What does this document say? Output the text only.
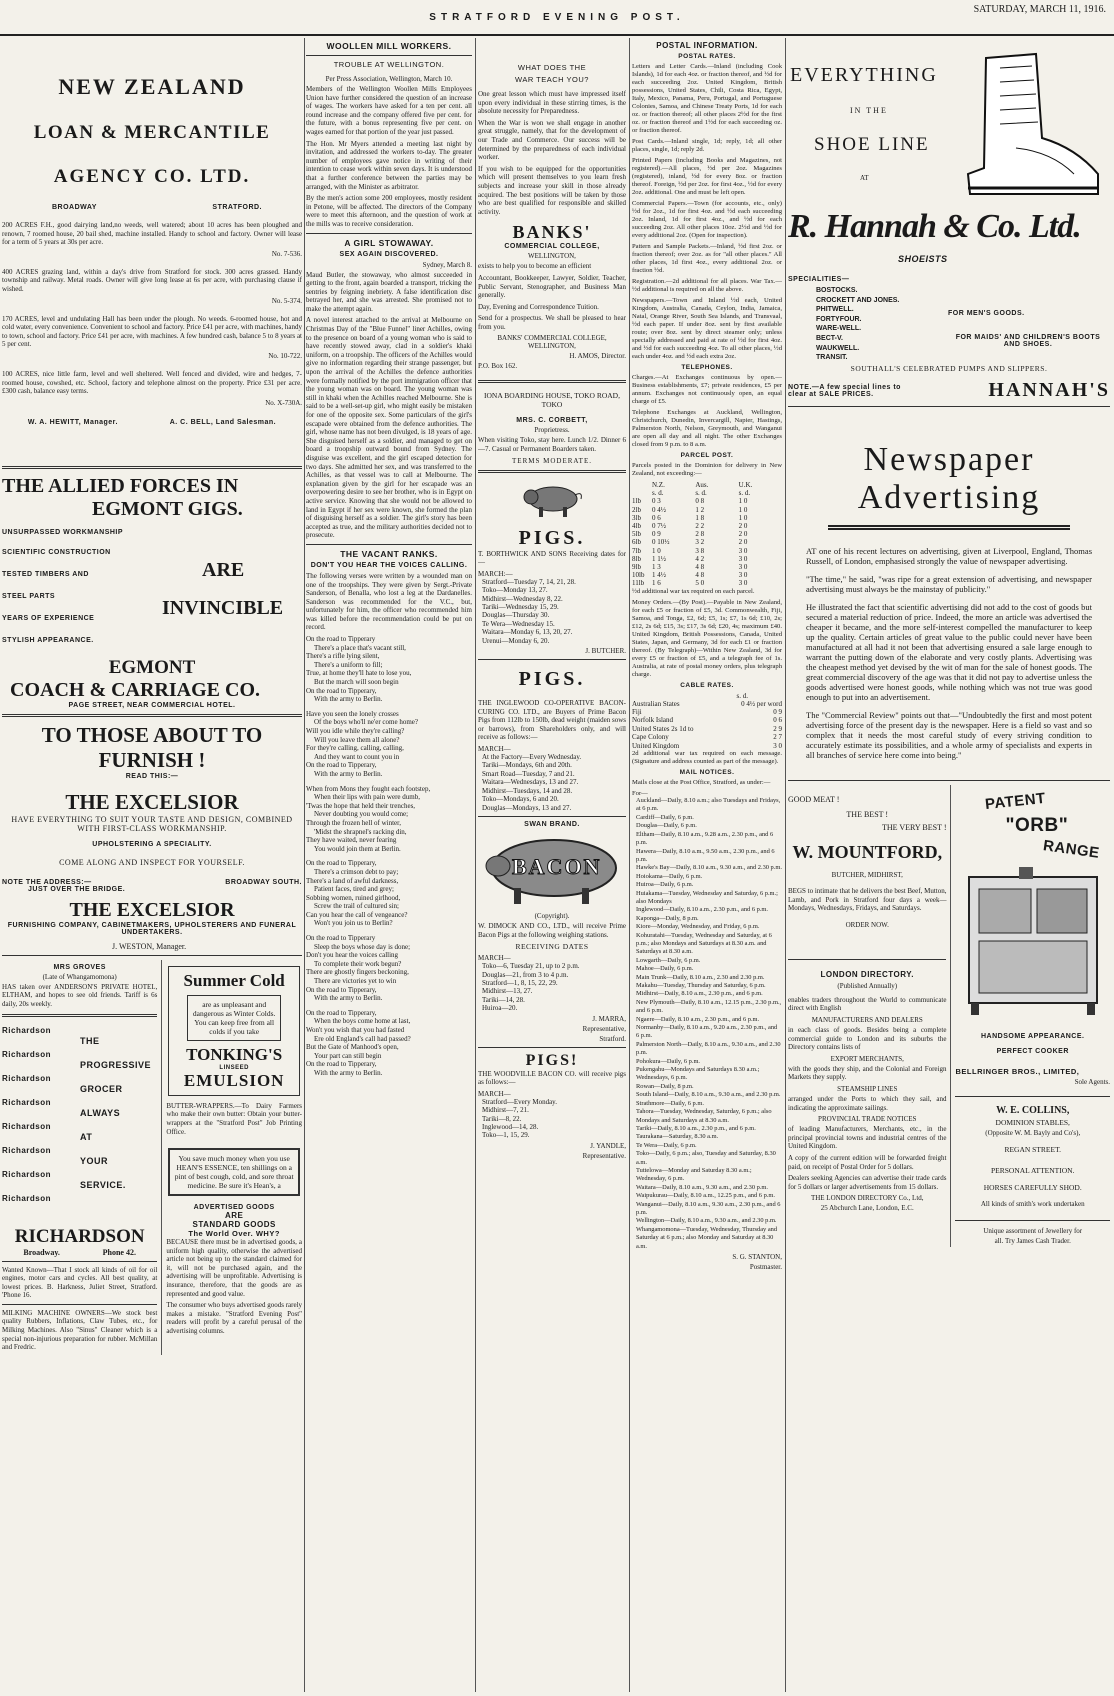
STRATFORD EVENING POST.
SATURDAY, MARCH 11, 1916.
NEW ZEALAND
LOAN & MERCANTILE
AGENCY CO. LTD.
BROADWAY	STRATFORD.

200 ACRES F.H., good dairying land,no weeds, well watered; about 10 acres has been ploughed and renown, 7 roomed house, 20 bail shed, machine installed. Handy to school and factory. Owner will lease for a term of 5 years at 30s per acre.

No. 7-536.

400 ACRES grazing land, within a day's drive from Stratford for stock. 300 acres grassed. Handy township and railway. Metal roads. Owner will give long lease at 6s per acre, with purchasing clause if wished.

No. 5-374.

170 ACRES, level and undulating Hall has been under the plough. No weeds. 6-roomed house, hot and cold water, every convenience. Convenient to school and factory. Price £41 per acre, with machines, handy to town, school and factory. Price £41 per acre, with machines. A few hundred cash, balance 5 to 8 years at 5 per cent.

No. 10-722.

100 ACRES, nice little farm, level and well sheltered. Well fenced and divided, wire and hedges, 7-roomed house, cowshed, etc. School, factory and telephone almost on the property. Price £31 per acre. £300 cash, balance easy terms.

No. X-730A.
W. A. HEWITT, Manager.	A. C. BELL, Land Salesman.
THE ALLIED FORCES IN
EGMONT GIGS.
UNSURPASSED WORKMANSHIP
SCIENTIFIC CONSTRUCTION
TESTED TIMBERS AND
STEEL PARTS
YEARS OF EXPERIENCE
STYLISH APPEARANCE.
ARE
INVINCIBLE
EGMONT
COACH & CARRIAGE CO.
PAGE STREET, NEAR COMMERCIAL HOTEL.
TO THOSE ABOUT TO
FURNISH !
READ THIS:—
THE EXCELSIOR
HAVE EVERYTHING TO SUIT YOUR TASTE AND DESIGN, COMBINED WITH FIRST-CLASS WORKMANSHIP.
UPHOLSTERING A SPECIALITY.
COME ALONG AND INSPECT FOR YOURSELF.
NOTE THE ADDRESS:—	BROADWAY SOUTH.
JUST OVER THE BRIDGE.
THE EXCELSIOR
FURNISHING COMPANY, CABINETMAKERS, UPHOLSTERERS AND FUNERAL UNDERTAKERS.
J. WESTON, Manager.
MRS GROVES
(Late of Whangamomona)

HAS taken over ANDERSON'S PRIVATE HOTEL, ELTHAM, and hopes to see old friends. Tariff is 6s daily, 20s weekly.

Richardson
Richardson
Richardson
Richardson
Richardson
Richardson
Richardson
Richardson
THE
PROGRESSIVE
GROCER
ALWAYS
AT
YOUR
SERVICE.
RICHARDSON
Broadway.	Phone 42.

Wanted Known—That I stock all kinds of oil for oil engines, motor cars and cycles. All best quality, at lowest prices. B. Harkness, Juliet Street, Stratford. 'Phone 16.

MILKING MACHINE OWNERS—We stock best quality Rubbers, Inflations, Claw Tubes, etc., for Milking Machines. Also "Sinus" Cleaner which is a special non-injurious preparation for rubber. McMillan and Fredric.

Summer Cold
are as unpleasant and dangerous as Winter Colds. You can keep free from all colds if you take
TONKING'S
LINSEED
EMULSION

BUTTER-WRAPPERS.—To Dairy Farmers who make their own butter: Obtain your butter-wrappers at the "Stratford Post" Job Printing Office.

You save much money when you use HEAN'S ESSENCE, ten shillings on a pint of best cough, cold, and sore throat medicine. Be sure it's Hean's, a
ADVERTISED GOODS
ARE
STANDARD GOODS
The World Over. WHY?

BECAUSE there must be in advertised goods, a uniform high quality, otherwise the advertised article not being up to the standard claimed for it, will not be purchased again, and the advertising will be unprofitable. Advertising is insurance, therefore, that the goods are as represented and good value.

The consumer who buys advertised goods rarely makes a mistake. "Stratford Evening Post" readers will profit by a careful perusal of the advertising columns.

WOOLLEN MILL WORKERS.
TROUBLE AT WELLINGTON.
Per Press Association, Wellington, March 10.

Members of the Wellington Woollen Mills Employees Union have further considered the question of an increase of wages. The workers have asked for a ten per cent. all round increase and the company offered five per cent. for the future, with a bonus representing five per cent. on wages earned for that portion of the year just passed.

The Hon. Mr Myers attended a meeting last night by invitation, and addressed the workers to-day. The greater number of employees gave notice in writing of their intention to cease work within seven days. It is understood that a further conference between the parties may be arranged, with the Minister as arbitrator.

By the men's action some 200 employees, mostly resident in Petone, will be affected. The directors of the Company were to meet this afternoon, and the question of work at the mills was to receive consideration.

A GIRL STOWAWAY.
SEX AGAIN DISCOVERED.
Sydney, March 8.

Maud Butler, the stowaway, who almost succeeded in getting to the front, again boarded a transport, tricking the sentries by feigning inebriety. A false identification disc betrayed her, and she was arrested. She promised not to make the attempt again.

A novel interest attached to the arrival at Melbourne on Christmas Day of the "Blue Funnel" liner Achilles, owing to the presence on board of a young woman who is said to have recently stowed away, clad in a soldier's khaki uniform, on a troopship. The officers of the Achilles would give no information regarding their strange passenger, but upon the arrival of the Achilles the defence authorities were formally notified by the port immigration officer that the young woman was on board. The young woman was still in khaki when the Achilles reached Melbourne. She is said to be a well-set-up girl, who might easily be mistaken for one of the opposite sex. Some particulars of the girl's escapade were obtained from the defence authorities. The girl, whose name has not been divulged, is 18 years of age. She disguised herself as a soldier, and managed to get on board a troopship outward bound from Sydney. The disguise was excellent, and the girl escaped detection for two days. She admitted her sex, and was transferred to the Achilles, as that vessel was to call at Melbourne. The explanation given by the girl for her escapade was an overpowering desire to see her brother, who is in Egypt on active service. Knowing that she would not be allowed to land in Egypt if her sex were known, she formed the plan of disguising herself as a soldier. The girl's story has been accepted as true, and the military authorities decided not to prosecute.

THE VACANT RANKS.
DON'T YOU HEAR THE VOICES CALLING.

The following verses were written by a wounded man on one of the troopships. They were given by Sergt.-Private Sanderson, of Benalla, who lost a leg at the Dardanelles. Sanderson was recommended for the V.C., but, unfortunately for him, the officer who recommended him was killed before the recommendation could be put on record.

On the road to Tipperary
There's a place that's vacant still,
There's a rifle lying silent,
There's a uniform to fill;
True, at home they'll hate to lose you,
But the march will soon begin
On the road to Tipperary,
With the army to Berlin.
Have you seen the lonely crosses
Of the boys who'll ne'er come home?
Will you idle while they're calling?
Will you leave them all alone?
For they're calling, calling, calling,
And they want to count you in
On the road to Tipperary,
With the army to Berlin.
When from Mons they fought each footstep,
When their lips with pain were dumb,
'Twas the hope that held their trenches,
Never doubting you would come;
Through the frozen hell of winter,
'Midst the shrapnel's racking din,
They have waited, never fearing
You would join them at Berlin.
On the road to Tipperary,
There's a crimson debt to pay;
There's a land of awful darkness,
Patient faces, tired and grey;
Sobbing women, ruined girlhood,
Screw the trail of cultured sin;
Can you hear the call of vengeance?
Won't you join us to Berlin?
On the road to Tipperary
Sleep the boys whose day is done;
Don't you hear the voices calling
To complete their work begun?
There are ghostly fingers beckoning,
There are victories yet to win
On the road to Tipperary,
With the army to Berlin.
On the road to Tipperary,
When the boys come home at last,
Won't you wish that you had fasted
Ere old England's call had passed?
But the Gate of Manhood's open,
Your part can still begin
On the road to Tipperary,
With the army to Berlin.
WHAT DOES THE
WAR TEACH YOU?

One great lesson which must have impressed itself upon every individual in these stirring times, is the absolute necessity for Preparedness.

When the War is won we shall engage in another great struggle, namely, that for the development of our Trade and Commerce. Our success will be determined by the preparedness of each individual worker.

If you wish to be equipped for the opportunities which will present themselves to you learn fresh subjects and increase your skill in those already acquired. The best positions will be taken by those who are best qualified for responsible and skilled activity.

BANKS'
COMMERCIAL COLLEGE,
WELLINGTON,

exists to help you to become an efficient

Accountant, Bookkeeper, Lawyer, Soldier, Teacher, Public Servant, Stenographer, and Business Man generally.

Day, Evening and Correspondence Tuition.

Send for a prospectus. We shall be pleased to hear from you.

BANKS' COMMERCIAL COLLEGE, WELLINGTON,
H. AMOS, Director.
P.O. Box 162.
IONA BOARDING HOUSE, TOKO ROAD, TOKO
MRS. C. CORBETT,
Proprietress.

When visiting Toko, stay here. Lunch 1/2. Dinner 6—7. Casual or Permanent Boarders taken.

TERMS MODERATE.
PIGS.

T. BORTHWICK AND SONS Receiving dates for—

MARCH:—
Stratford—Tuesday 7, 14, 21, 28.
Toko—Monday 13, 27.
Midhirst—Wednesday 8, 22.
Tariki—Wednesday 15, 29.
Douglas—Thursday 30.
Te Wera—Wednesday 15.
Waitara—Monday 6, 13, 20, 27.
Urenui—Monday 6, 20.
J. BUTCHER.
PIGS.

THE INGLEWOOD CO-OPERATIVE BACON-CURING CO. LTD., are Buyers of Prime Bacon Pigs from 112lb to 150lb, dead weight (maiden sows or barrows), from Shareholders only, and will receive as follows:—

MARCH—
At the Factory—Every Wednesday.
Tariki—Mondays, 6th and 20th.
Smart Road—Tuesday, 7 and 21.
Waitara—Wednesdays, 13 and 27.
Midhirst—Tuesdays, 14 and 28.
Toko—Mondays, 6 and 20.
Douglas—Mondays, 13 and 27.
SWAN BRAND.
BACON
(Copyright).

W. DIMOCK AND CO., LTD., will receive Prime Bacon Pigs at the following weighing stations.

RECEIVING DATES
MARCH—
Toko—6, Tuesday 21, up to 2 p.m.
Douglas—21, from 3 to 4 p.m.
Stratford—1, 8, 15, 22, 29.
Midhirst—13, 27.
Tariki—14, 28.
Huiroa—20.
J. MARRA,
Representative,
Stratford.
PIGS!

THE WOODVILLE BACON CO. will receive pigs as follows:—

MARCH—
Stratford—Every Monday.
Midhirst—7, 21.
Tariki—8, 22.
Inglewood—14, 28.
Toko—1, 15, 29.
J. YANDLE,
Representative.
POSTAL INFORMATION.
POSTAL RATES.

Letters and Letter Cards.—Inland (including Cook Islands), 1d for each 4oz. or fraction thereof, and ½d for each succeeding 2oz. United Kingdom, British possessions, United States, Chili, Costa Rica, Egypt, Italy, Mexico, Panama, Peru, Portugal, and Portuguese Colonies, Samoa, and Chinese Treaty Ports, 1d for each oz. or fraction thereof; all other places 2½d for the first oz. or fraction thereof and 1½d for each succeeding oz. or fraction thereof.

Post Cards.—Inland single, 1d; reply, 1d; all other places, single, 1d; reply 2d.

Printed Papers (including Books and Magazines, not registered).—All places, ½d per 2oz. Magazines (registered), inland, ½d for every 8oz. or fraction thereof. Foreign, ½d per 2oz. for first 4oz., ½d for every 2oz. additional. One and must be left open.

Commercial Papers.—Town (for accounts, etc., only) ½d for 2oz., 1d for first 4oz. and ½d each succeeding 2oz. Inland, 1d for first 4oz., and ½d for each succeeding 2oz. All other places 10oz. 2½d and ½d for every additional 2oz. (Open for inspection).

Pattern and Sample Packets.—Inland, ½d first 2oz. or fraction thereof; over 2oz. as for "all other places." All other places, 1d first 4oz., every additional 2oz. or fraction ½d.

Registration.—2d additional for all places. War Tax.—½d additional is required on all the above.

Newspapers.—Town and Inland ½d each, United Kingdom, Australia, Canada, Ceylon, India, Jamaica, Natal, Orange River, South Sea Islands, and Transvaal, ½d each paper. If under 8oz. sent by first available route; over 8oz. sent by direct steamer only; unless specially addressed and paid at rate of ½d for first 4oz. and ½d for each succeeding 4oz. To all other places, ½d each under 4oz. and ½d each extra 2oz.

TELEPHONES.

Charges.—At Exchanges continuous by open.—Business establishments, £7; private residences, £5 per annum. Exchanges not continuously open, an equal charge of £5.

Telephone Exchanges at Auckland, Wellington, Christchurch, Dunedin, Invercargill, Napier, Hastings, Palmerston North, Nelson, Greymouth, and Wanganui are open all day and all night. The other Exchanges closed from 9 p.m. to 8 a.m.

PARCEL POST.

Parcels posted in the Dominion for delivery in New Zealand, not exceeding:—

N.Z.	Aus.	U.K.
s. d.	s. d.	s. d.
1lb	0 3	0 8	1 0
2lb	0 4½	1 2	1 0
3lb	0 6	1 8	1 0
4lb	0 7½	2 2	2 0
5lb	0 9	2 8	2 0
6lb	0 10½	3 2	2 0
7lb	1 0	3 8	3 0
8lb	1 1½	4 2	3 0
9lb	1 3	4 8	3 0
10lb	1 4½	4 8	3 0
11lb	1 6	5 0	3 0

½d additional war tax required on each parcel.

Money Orders.—(By Post).—Payable in New Zealand, for each £5 or fraction of £5, 3d. Commonwealth, Fiji, Samoa, and Tonga, £2, 6d; £5, 1s; £7, 1s 6d; £10, 2s; £12, 2s 6d; £15, 3s; £17, 3s 6d; £20, 4s; maximum £40. United Kingdom, British Possessions, Canada, United States, Japan, and Germany, 3d for each £1 or fraction thereof. (By Telegraph)—Within New Zealand, 3d for every £5 or fraction of £5, and a telegraph fee of 1s. Australia, at rate of postal money orders, plus telegraph charge.

CABLE RATES.
s. d.
Australian States	0 4½ per word
Fiji	0 9
Norfolk Island	0 6
United States 2s 1d to	2 9
Cape Colony	2 7
United Kingdom	3 0

2d additional war tax required on each message. (Signature and address counted as part of the message).

MAIL NOTICES.

Mails close at the Post Office, Stratford, as under:—

For—
Auckland—Daily, 8.10 a.m.; also Tuesdays and Fridays, at 6 p.m.
Cardiff—Daily, 6 p.m.
Douglas—Daily, 6 p.m.
Eltham—Daily, 8.10 a.m., 9.28 a.m., 2.30 p.m., and 6 p.m.
Hawera—Daily, 8.10 a.m., 9.50 a.m., 2.30 p.m., and 6 p.m.
Hawke's Bay—Daily, 8.10 a.m., 9.30 a.m., and 2.30 p.m.
Hoiokama—Daily, 6 p.m.
Huiroa—Daily, 6 p.m.
Huiakama—Tuesday, Wednesday and Saturday, 6 p.m.; also Mondays
Inglewood—Daily, 8.10 a.m., 2.30 p.m., and 6 p.m.
Kaponga—Daily, 8 p.m.
Kiore—Monday, Wednesday, and Friday, 6 p.m.
Kohuratahi—Tuesday, Wednesday and Saturday, at 6 p.m.; also Mondays and Saturdays at 8.30 a.m. and Saturdays at 8.30 a.m.
Lowgarth—Daily, 6 p.m.
Mahoe—Daily, 6 p.m.
Main Trunk—Daily, 8.10 a.m., 2.30 and 2.30 p.m.
Makahu—Tuesday, Thursday and Saturday, 6 p.m.
Midhirst—Daily, 8.10 a.m., 2.30 p.m., and 6 p.m.
New Plymouth—Daily, 8.10 a.m., 12.15 p.m., 2.30 p.m., and 6 p.m.
Ngaere—Daily, 8.10 a.m., 2.30 p.m., and 6 p.m.
Normanby—Daily, 8.10 a.m., 9.20 a.m., 2.30 p.m., and 6 p.m.
Palmerston North—Daily, 8.10 a.m., 9.30 a.m., and 2.30 p.m.
Pohokura—Daily, 6 p.m.
Pukengahu—Mondays and Saturdays 8.30 a.m.; Wednesdays, 6 p.m.
Rowan—Daily, 8 p.m.
South Island—Daily, 8.10 a.m., 9.30 a.m., and 2.30 p.m.
Strathmore—Daily, 6 p.m.
Tahora—Tuesday, Wednesday, Saturday, 6 p.m.; also Mondays and Saturdays at 8.30 a.m.
Tariki—Daily, 8.10 a.m., 2.30 p.m., and 6 p.m.
Taurakana—Saturday, 8.30 a.m.
Te Wera—Daily, 6 p.m.
Toko—Daily, 6 p.m.; also, Tuesday and Saturday, 8.30 a.m.
Tuttelowa—Monday and Saturday 8.30 a.m.; Wednesday, 6 p.m.
Waitara—Daily, 8.10 a.m., 9.30 a.m., and 2.30 p.m.
Waipukurau—Daily, 8.10 a.m., 12.25 p.m., and 6 p.m.
Wanganui—Daily, 8.10 a.m., 9.30 a.m., 2.30 p.m., and 6 p.m.
Wellington—Daily, 8.10 a.m., 9.30 a.m., and 2.30 p.m.
Whangamomona—Tuesday, Wednesday, Thursday and Saturday at 6 p.m.; also Monday and Saturday at 8.30 a.m.
S. G. STANTON,
Postmaster.
EVERYTHING
IN THE
SHOE LINE
AT
R. Hannah & Co. Ltd.
SHOEISTS
SPECIALITIES—
BOSTOCKS.
CROCKETT AND JONES.
PHITWELL.
FORTYFOUR.
WARE-WELL.
BECT-V.
WAUKWELL.
TRANSIT.
FOR MEN'S GOODS.
FOR MAIDS' AND CHILDREN'S BOOTS AND SHOES.
SOUTHALL'S CELEBRATED PUMPS AND SLIPPERS.
NOTE.—A few special lines to clear at SALE PRICES.	HANNAH'S
Newspaper
Advertising

AT one of his recent lectures on advertising, given at Liverpool, England, Thomas Russell, of London, emphasised strongly the value of newspaper advertising.

"The time," he said, "was ripe for a great extension of advertising, and newspaper advertising must always be the mainstay of publicity."

He illustrated the fact that scientific advertising did not add to the cost of goods but secured a material reduction of price. Indeed, the more an article was advertised the cheaper it became, and the more self-interest compelled the manufacturer to keep up the quality. Certain articles of great value to the public could never have been manufactured at all had it not been that advertising ensured a sale large enough to warrant the putting down of the elaborate and very costly plants. Advertising was the cheapest method yet devised by the wit of man for the sale of honest goods. The great commercial discovery of the age was that it did not pay to advertise unless the goods advertised were honest goods, while nothing which was not true was good enough to put into an advertisement.

The "Commercial Review" points out that—"Undoubtedly the first and most potent advertising force of the present day is the newspaper. Here is a field so vast and so complex that it needs the most careful study of every striving condition to accurately estimate its possibilities, and a whole army of specialists and experts in all branches of service here come into being."

GOOD MEAT !
THE BEST !
THE VERY BEST !
W. MOUNTFORD,
BUTCHER, MIDHIRST,

BEGS to intimate that he delivers the best Beef, Mutton, Lamb, and Pork in Stratford four days a week—Mondays, Wednesdays, Fridays, and Saturdays.

ORDER NOW.
LONDON DIRECTORY.
(Published Annually)

enables traders throughout the World to communicate direct with English

MANUFACTURERS AND DEALERS

in each class of goods. Besides being a complete commercial guide to London and its suburbs the Directory contains lists of

EXPORT MERCHANTS,

with the goods they ship, and the Colonial and Foreign Markets they supply.

STEAMSHIP LINES

arranged under the Ports to which they sail, and indicating the approximate sailings.

PROVINCIAL TRADE NOTICES

of leading Manufacturers, Merchants, etc., in the principal provincial towns and industrial centres of the United Kingdom.

A copy of the current edition will be forwarded freight paid, on receipt of Postal Order for 5 dollars.

Dealers seeking Agencies can advertise their trade cards for 5 dollars or larger advertisements from 15 dollars.

THE LONDON DIRECTORY Co., Ltd,
25 Abchurch Lane, London, E.C.
PATENT
"ORB"
RANGE
HANDSOME APPEARANCE.
PERFECT COOKER
BELLRINGER BROS., LIMITED,
Sole Agents.
W. E. COLLINS,
DOMINION STABLES,
(Opposite W. M. Bayly and Co's),
REGAN STREET.
PERSONAL ATTENTION.
HORSES CAREFULLY SHOD.
All kinds of smith's work undertaken
Unique assortment of Jewellery for
all. Try James Cash Trader.
